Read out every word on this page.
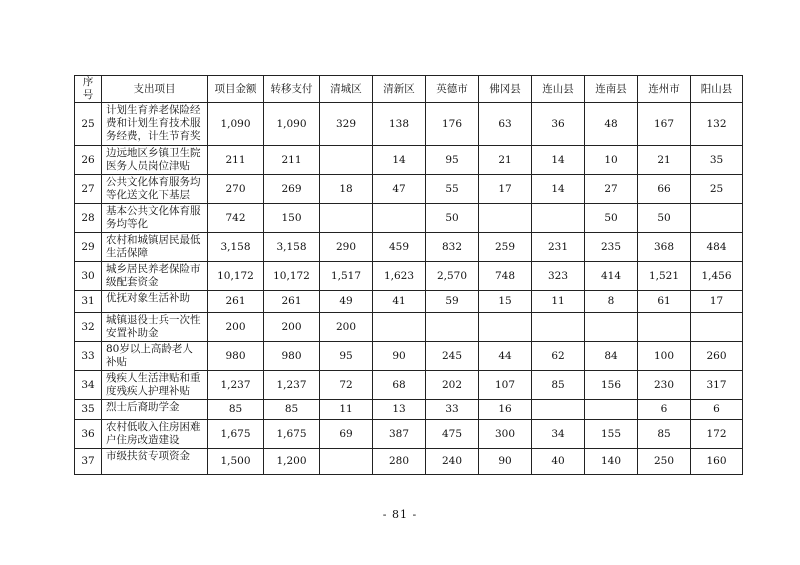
序号	支出项目	项目金额	转移支付	清城区	清新区	英德市	佛冈县	连山县	连南县	连州市	阳山县
25	计划生育养老保险经费和计划生育技术服务经费，计生节育奖	1,090	1,090	329	138	176	63	36	48	167	132
26	边远地区乡镇卫生院医务人员岗位津贴	211	211		14	95	21	14	10	21	35
27	公共文化体育服务均等化送文化下基层	270	269	18	47	55	17	14	27	66	25
28	基本公共文化体育服务均等化	742	150			50			50	50	
29	农村和城镇居民最低生活保障	3,158	3,158	290	459	832	259	231	235	368	484
30	城乡居民养老保险市级配套资金	10,172	10,172	1,517	1,623	2,570	748	323	414	1,521	1,456
31	优抚对象生活补助	261	261	49	41	59	15	11	8	61	17
32	城镇退役士兵一次性安置补助金	200	200	200							
33	80岁以上高龄老人补贴	980	980	95	90	245	44	62	84	100	260
34	残疾人生活津贴和重度残疾人护理补贴	1,237	1,237	72	68	202	107	85	156	230	317
35	烈士后裔助学金	85	85	11	13	33	16			6	6
36	农村低收入住房困难户住房改造建设	1,675	1,675	69	387	475	300	34	155	85	172
37	市级扶贫专项资金	1,500	1,200		280	240	90	40	140	250	160
- 81 -
